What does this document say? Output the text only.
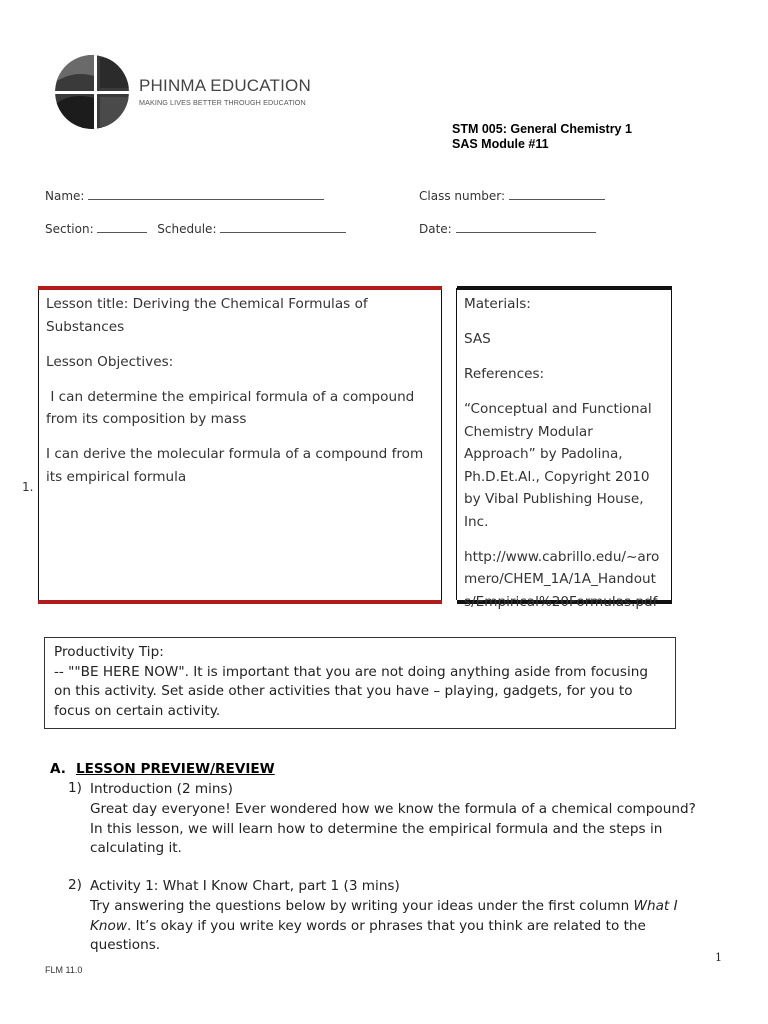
PHINMA EDUCATION
MAKING LIVES BETTER THROUGH EDUCATION
STM 005: General Chemistry 1
SAS Module #11
Name:	Class number:
Section:	Schedule:	Date:

Lesson title: Deriving the Chemical Formulas of Substances

Lesson Objectives:

I can determine the empirical formula of a compound from its composition by mass

I can derive the molecular formula of a compound from its empirical formula

Materials:

SAS

References:

“Conceptual and Functional Chemistry Modular Approach” by Padolina, Ph.D.Et.Al., Copyright 2010 by Vibal Publishing House, Inc.

http://www.cabrillo.edu/~aromero/CHEM_1A/1A_Handouts/Empirical%20Formulas.pdf

1.
Productivity Tip:
-- ""BE HERE NOW". It is important that you are not doing anything aside from focusing on this activity. Set aside other activities that you have – playing, gadgets, for you to focus on certain activity.
A. LESSON PREVIEW/REVIEW
1) Introduction (2 mins)
Great day everyone! Ever wondered how we know the formula of a chemical compound? In this lesson, we will learn how to determine the empirical formula and the steps in calculating it.
2) Activity 1: What I Know Chart, part 1 (3 mins)
Try answering the questions below by writing your ideas under the first column What I Know. It’s okay if you write key words or phrases that you think are related to the questions.
1
FLM 11.0
